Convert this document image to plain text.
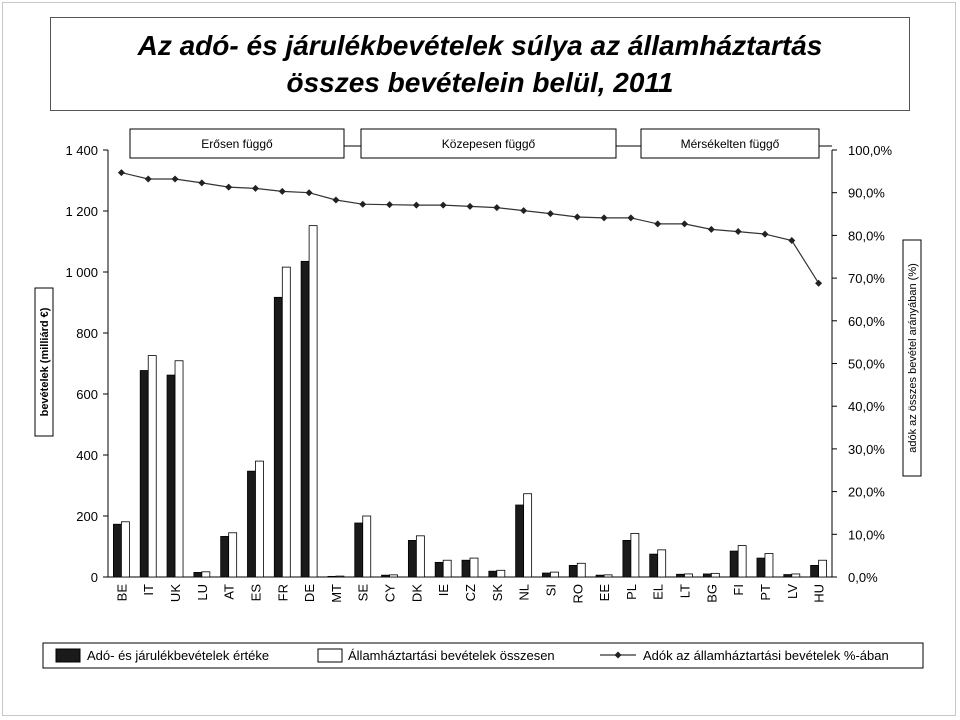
Az adó- és járulékbevételek súlya az államháztartás összes bevételein belül, 2011
0
200
400
600
800
1 000
1 200
1 400
0,0%
10,0%
20,0%
30,0%
40,0%
50,0%
60,0%
70,0%
80,0%
90,0%
100,0%
bevételek (milliárd €)	adók az összes bevétel arányában (%)
BE IT UK LU AT ES FR DE MT SE CY DK IE CZ SK NL SI RO EE PL EL LT BG FI PT LV HU
Erősen függő	Közepesen függő	Mérsékelten függő
Adó- és járulékbevételek értéke	Államháztartási bevételek összesen	Adók az államháztartási bevételek %-ában
